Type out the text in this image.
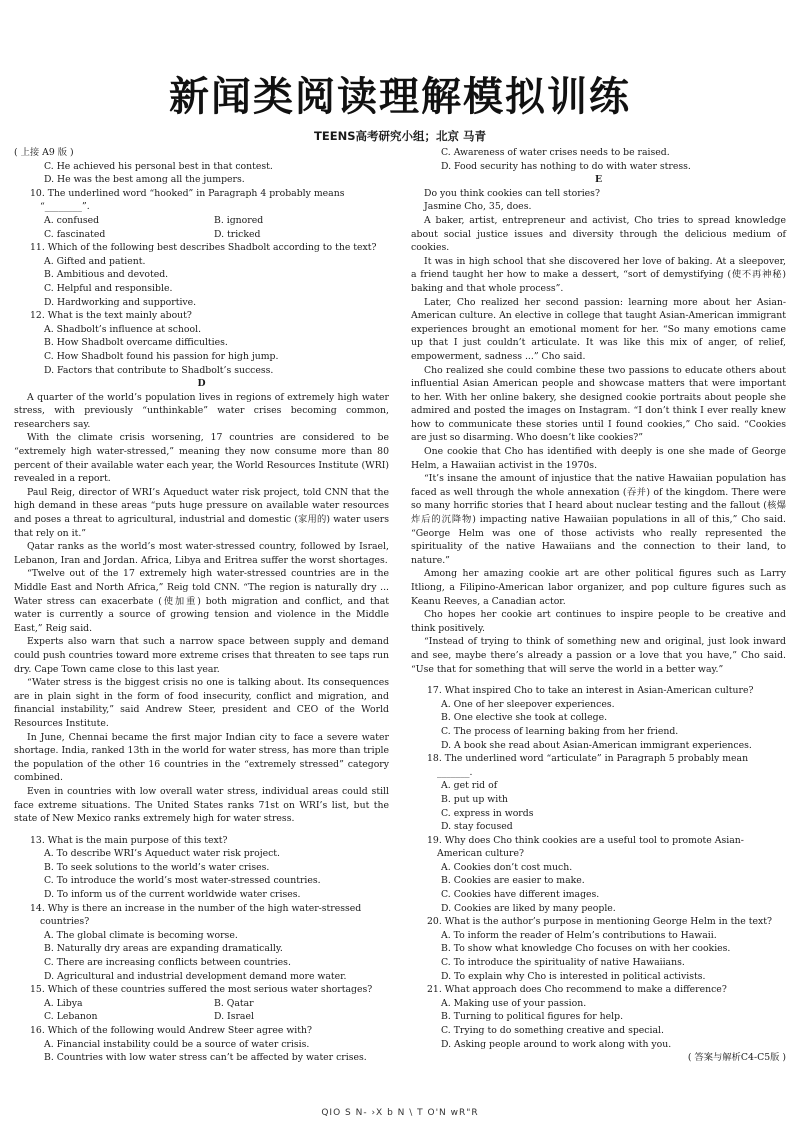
新闻类阅读理解模拟训练
TEENS高考研究小组；北京 马青

( 上接 A9 版 )

C. He achieved his personal best in that contest.

D. He was the best among all the jumpers.

10. The underlined word “hooked” in Paragraph 4 probably means “________”.

A. confused	B. ignored
C. fascinated	D. tricked

11. Which of the following best describes Shadbolt according to the text?

A. Gifted and patient.

B. Ambitious and devoted.

C. Helpful and responsible.

D. Hardworking and supportive.

12. What is the text mainly about?

A. Shadbolt’s influence at school.

B. How Shadbolt overcame difficulties.

C. How Shadbolt found his passion for high jump.

D. Factors that contribute to Shadbolt’s success.

D

A quarter of the world’s population lives in regions of extremely high water stress, with previously “unthinkable” water crises becoming common, researchers say.

With the climate crisis worsening, 17 countries are considered to be “extremely high water-stressed,” meaning they now consume more than 80 percent of their available water each year, the World Resources Institute (WRI) revealed in a report.

Paul Reig, director of WRI’s Aqueduct water risk project, told CNN that the high demand in these areas “puts huge pressure on available water resources and poses a threat to agricultural, industrial and domestic (家用的) water users that rely on it.”

Qatar ranks as the world’s most water-stressed country, followed by Israel, Lebanon, Iran and Jordan. Africa, Libya and Eritrea suffer the worst shortages.

“Twelve out of the 17 extremely high water-stressed countries are in the Middle East and North Africa,” Reig told CNN. “The region is naturally dry ... Water stress can exacerbate (使加重) both migration and conflict, and that water is currently a source of growing tension and violence in the Middle East,” Reig said.

Experts also warn that such a narrow space between supply and demand could push countries toward more extreme crises that threaten to see taps run dry. Cape Town came close to this last year.

“Water stress is the biggest crisis no one is talking about. Its consequences are in plain sight in the form of food insecurity, conflict and migration, and financial instability,” said Andrew Steer, president and CEO of the World Resources Institute.

In June, Chennai became the first major Indian city to face a severe water shortage. India, ranked 13th in the world for water stress, has more than triple the population of the other 16 countries in the “extremely stressed” category combined.

Even in countries with low overall water stress, individual areas could still face extreme situations. The United States ranks 71st on WRI’s list, but the state of New Mexico ranks extremely high for water stress.

13. What is the main purpose of this text?

A. To describe WRI’s Aqueduct water risk project.

B. To seek solutions to the world’s water crises.

C. To introduce the world’s most water-stressed countries.

D. To inform us of the current worldwide water crises.

14. Why is there an increase in the number of the high water-stressed countries?

A. The global climate is becoming worse.

B. Naturally dry areas are expanding dramatically.

C. There are increasing conflicts between countries.

D. Agricultural and industrial development demand more water.

15. Which of these countries suffered the most serious water shortages?

A. Libya	B. Qatar
C. Lebanon	D. Israel

16. Which of the following would Andrew Steer agree with?

A. Financial instability could be a source of water crisis.

B. Countries with low water stress can’t be affected by water crises.

C. Awareness of water crises needs to be raised.

D. Food security has nothing to do with water stress.

E

Do you think cookies can tell stories?

Jasmine Cho, 35, does.

A baker, artist, entrepreneur and activist, Cho tries to spread knowledge about social justice issues and diversity through the delicious medium of cookies.

It was in high school that she discovered her love of baking. At a sleepover, a friend taught her how to make a dessert, “sort of demystifying (使不再神秘) baking and that whole process”.

Later, Cho realized her second passion: learning more about her Asian-American culture. An elective in college that taught Asian-American immigrant experiences brought an emotional moment for her. “So many emotions came up that I just couldn’t articulate. It was like this mix of anger, of relief, empowerment, sadness ...” Cho said.

Cho realized she could combine these two passions to educate others about influential Asian American people and showcase matters that were important to her. With her online bakery, she designed cookie portraits about people she admired and posted the images on Instagram. “I don’t think I ever really knew how to communicate these stories until I found cookies,” Cho said. “Cookies are just so disarming. Who doesn’t like cookies?”

One cookie that Cho has identified with deeply is one she made of George Helm, a Hawaiian activist in the 1970s.

“It’s insane the amount of injustice that the native Hawaiian population has faced as well through the whole annexation (吞并) of the kingdom. There were so many horrific stories that I heard about nuclear testing and the fallout (核爆炸后的沉降物) impacting native Hawaiian populations in all of this,” Cho said. “George Helm was one of those activists who really represented the spirituality of the native Hawaiians and the connection to their land, to nature.”

Among her amazing cookie art are other political figures such as Larry Itliong, a Filipino-American labor organizer, and pop culture figures such as Keanu Reeves, a Canadian actor.

Cho hopes her cookie art continues to inspire people to be creative and think positively.

“Instead of trying to think of something new and original, just look inward and see, maybe there’s already a passion or a love that you have,” Cho said. “Use that for something that will serve the world in a better way.”

17. What inspired Cho to take an interest in Asian-American culture?

A. One of her sleepover experiences.

B. One elective she took at college.

C. The process of learning baking from her friend.

D. A book she read about Asian-American immigrant experiences.

18. The underlined word “articulate” in Paragraph 5 probably mean _______.

A. get rid of

B. put up with

C. express in words

D. stay focused

19. Why does Cho think cookies are a useful tool to promote Asian-American culture?

A. Cookies don’t cost much.

B. Cookies are easier to make.

C. Cookies have different images.

D. Cookies are liked by many people.

20. What is the author’s purpose in mentioning George Helm in the text?

A. To inform the reader of Helm’s contributions to Hawaii.

B. To show what knowledge Cho focuses on with her cookies.

C. To introduce the spirituality of native Hawaiians.

D. To explain why Cho is interested in political activists.

21. What approach does Cho recommend to make a difference?

A. Making use of your passion.

B. Turning to political figures for help.

C. Trying to do something creative and special.

D. Asking people around to work along with you.

( 答案与解析C4-C5版 )

QIO S N- ›X b N \ T O'N wR"R
